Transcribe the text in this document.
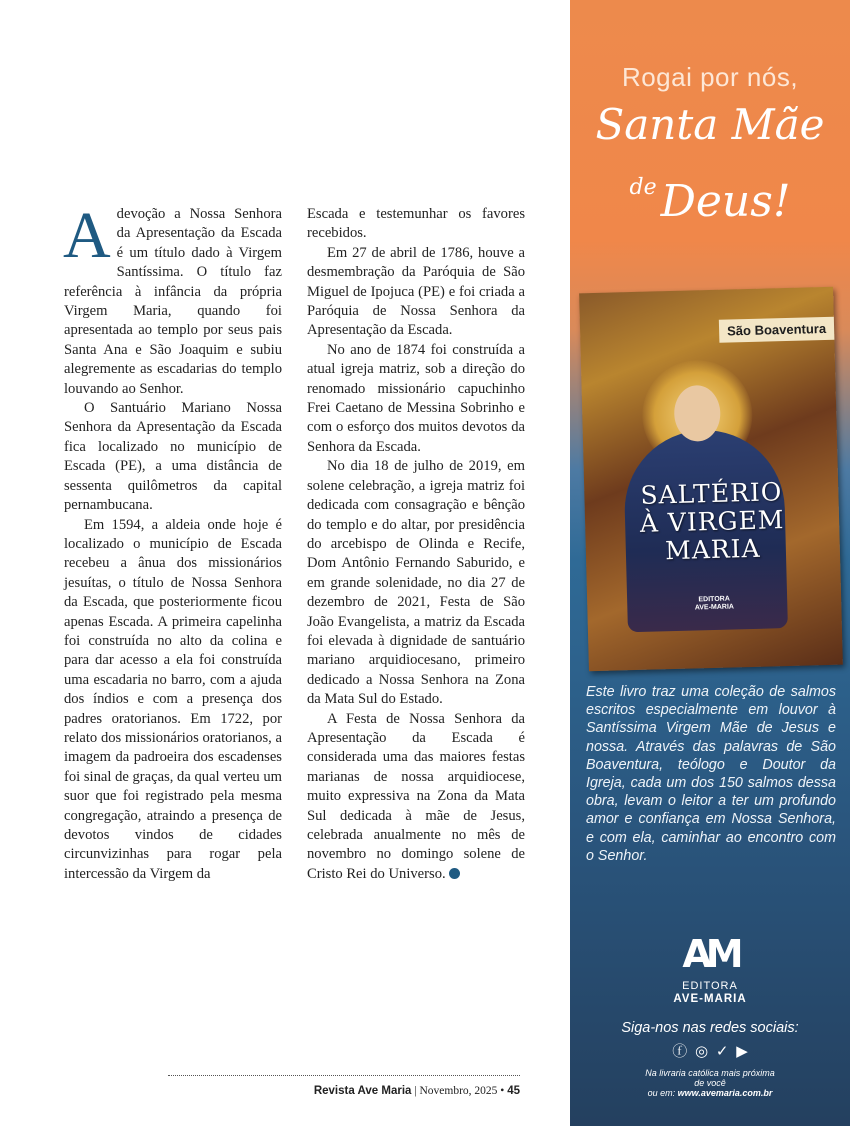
Adevoção a Nossa Senhora da Apresentação da Escada é um título dado à Virgem Santíssima. O título faz referência à infância da própria Virgem Maria, quando foi apresentada ao templo por seus pais Santa Ana e São Joaquim e subiu alegremente as escadarias do templo louvando ao Senhor.

O Santuário Mariano Nossa Senhora da Apresentação da Escada fica localizado no município de Escada (PE), a uma distância de sessenta quilômetros da capital pernambucana.

Em 1594, a aldeia onde hoje é localizado o município de Escada recebeu a ânua dos missionários jesuítas, o título de Nossa Senhora da Escada, que posteriormente ficou apenas Escada. A primeira capelinha foi construída no alto da colina e para dar acesso a ela foi construída uma escadaria no barro, com a ajuda dos índios e com a presença dos padres oratorianos. Em 1722, por relato dos missionários oratorianos, a imagem da padroeira dos escadenses foi sinal de graças, da qual verteu um suor que foi registrado pela mesma congregação, atraindo a presença de devotos vindos de cidades circunvizinhas para rogar pela intercessão da Virgem da

Escada e testemunhar os favores recebidos.

Em 27 de abril de 1786, houve a desmembração da Paróquia de São Miguel de Ipojuca (PE) e foi criada a Paróquia de Nossa Senhora da Apresentação da Escada.

No ano de 1874 foi construída a atual igreja matriz, sob a direção do renomado missionário capuchinho Frei Caetano de Messina Sobrinho e com o esforço dos muitos devotos da Senhora da Escada.

No dia 18 de julho de 2019, em solene celebração, a igreja matriz foi dedicada com consagração e bênção do templo e do altar, por presidência do arcebispo de Olinda e Recife, Dom Antônio Fernando Saburido, e em grande solenidade, no dia 27 de dezembro de 2021, Festa de São João Evangelista, a matriz da Escada foi elevada à dignidade de santuário mariano arquidiocesano, primeiro dedicado a Nossa Senhora na Zona da Mata Sul do Estado.

A Festa de Nossa Senhora da Apresentação da Escada é considerada uma das maiores festas marianas de nossa arquidiocese, muito expressiva na Zona da Mata Sul dedicada à mãe de Jesus, celebrada anualmente no mês de novembro no domingo solene de Cristo Rei do Universo.

Revista Ave Maria | Novembro, 2025 • 45
Rogai por nós,
Santa Mãe
$^{de}$Deus!
São Boaventura
SALTÉRIO
À VIRGEM
MARIA
EDITORA AVE-MARIA
Este livro traz uma coleção de salmos escritos especialmente em louvor à Santíssima Virgem Mãe de Jesus e nossa. Através das palavras de São Boaventura, teólogo e Doutor da Igreja, cada um dos 150 salmos dessa obra, levam o leitor a ter um profundo amor e confiança em Nossa Senhora, e com ela, caminhar ao encontro com o Senhor.
AM
EDITORA
AVE-MARIA
Siga-nos nas redes sociais:
ⓕ ◎ ✓ ▶
Na livraria católica mais próxima
de você
ou em: www.avemaria.com.br
